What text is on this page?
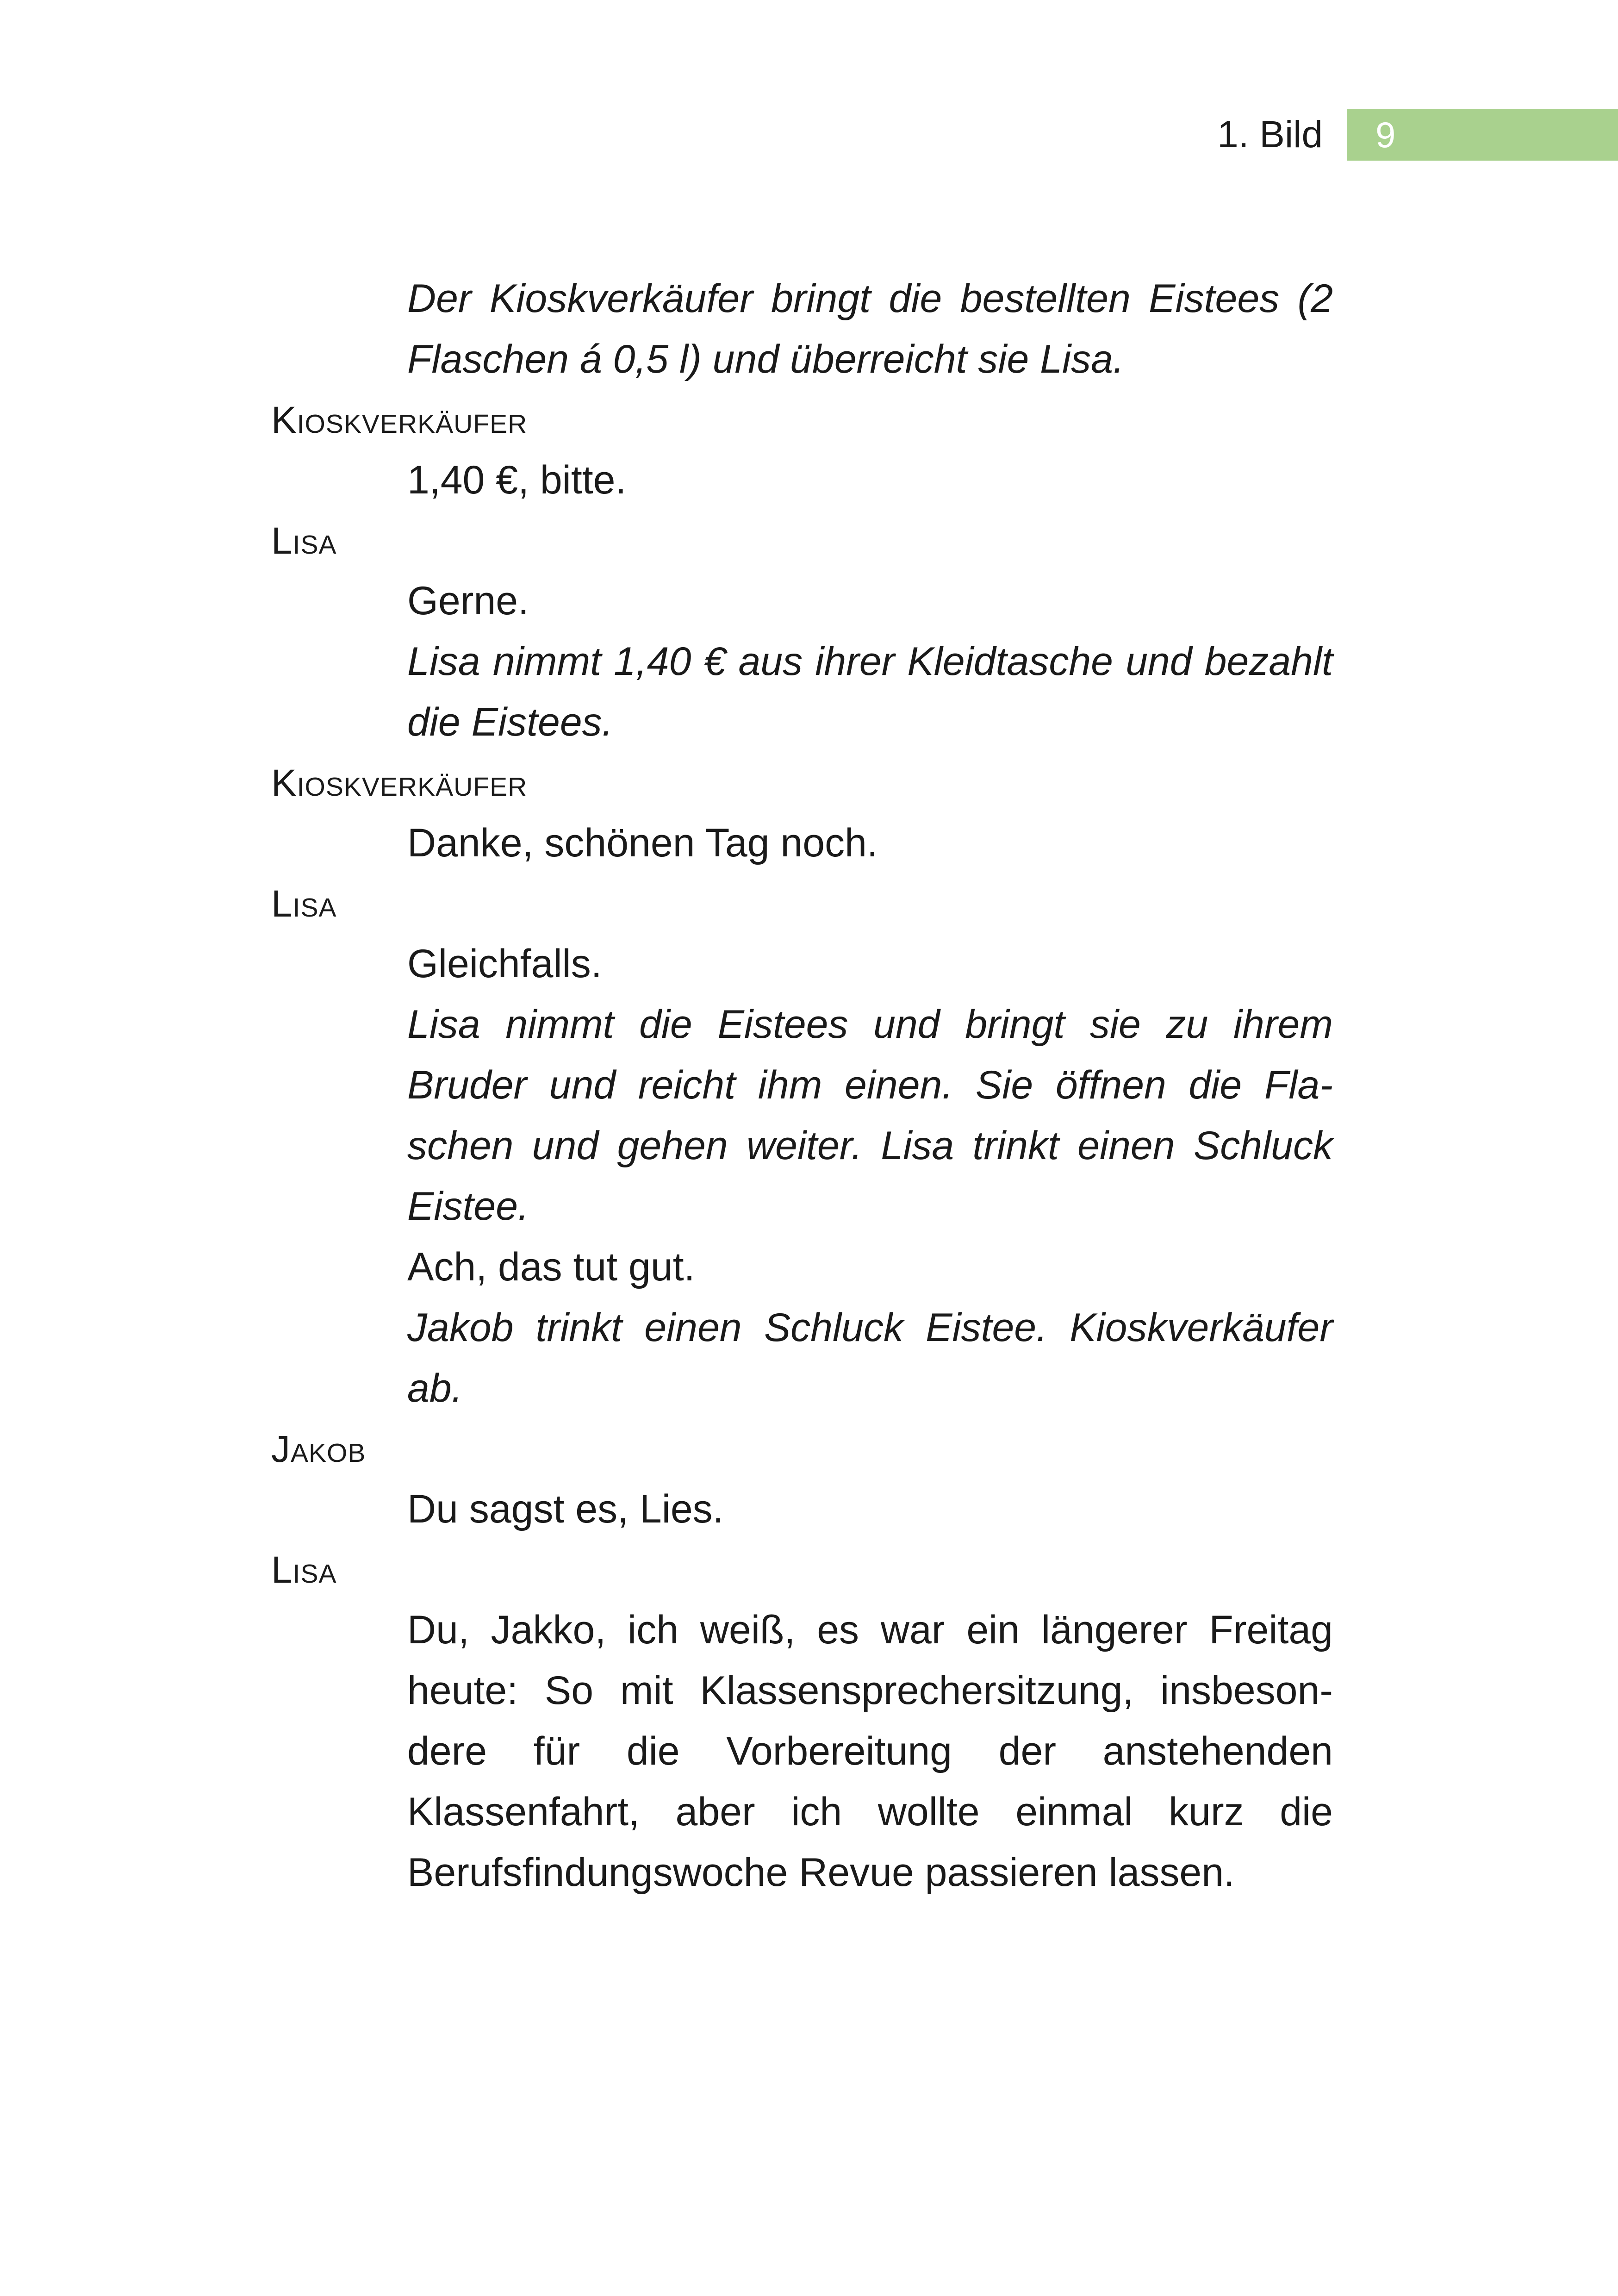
1. Bild	9
Der Kioskverkäufer bringt die bestellten Eistees (2 Flaschen á 0,5 l) und überreicht sie Lisa.
Kioskverkäufer
1,40 €, bitte.
Lisa
Gerne.
Lisa nimmt 1,40 € aus ihrer Kleidtasche und bezahlt die Eistees.
Kioskverkäufer
Danke, schönen Tag noch.
Lisa
Gleichfalls.
Lisa nimmt die Eistees und bringt sie zu ihrem Bruder und reicht ihm einen. Sie öffnen die Flaschen und gehen weiter. Lisa trinkt einen Schluck Eistee.
Ach, das tut gut.
Jakob trinkt einen Schluck Eistee. Kioskverkäufer ab.
Jakob
Du sagst es, Lies.
Lisa
Du, Jakko, ich weiß, es war ein längerer Freitag heute: So mit Klassensprechersitzung, insbesondere für die Vorbereitung der anstehenden Klassenfahrt, aber ich wollte einmal kurz die Berufsfindungswoche Revue passieren lassen.
